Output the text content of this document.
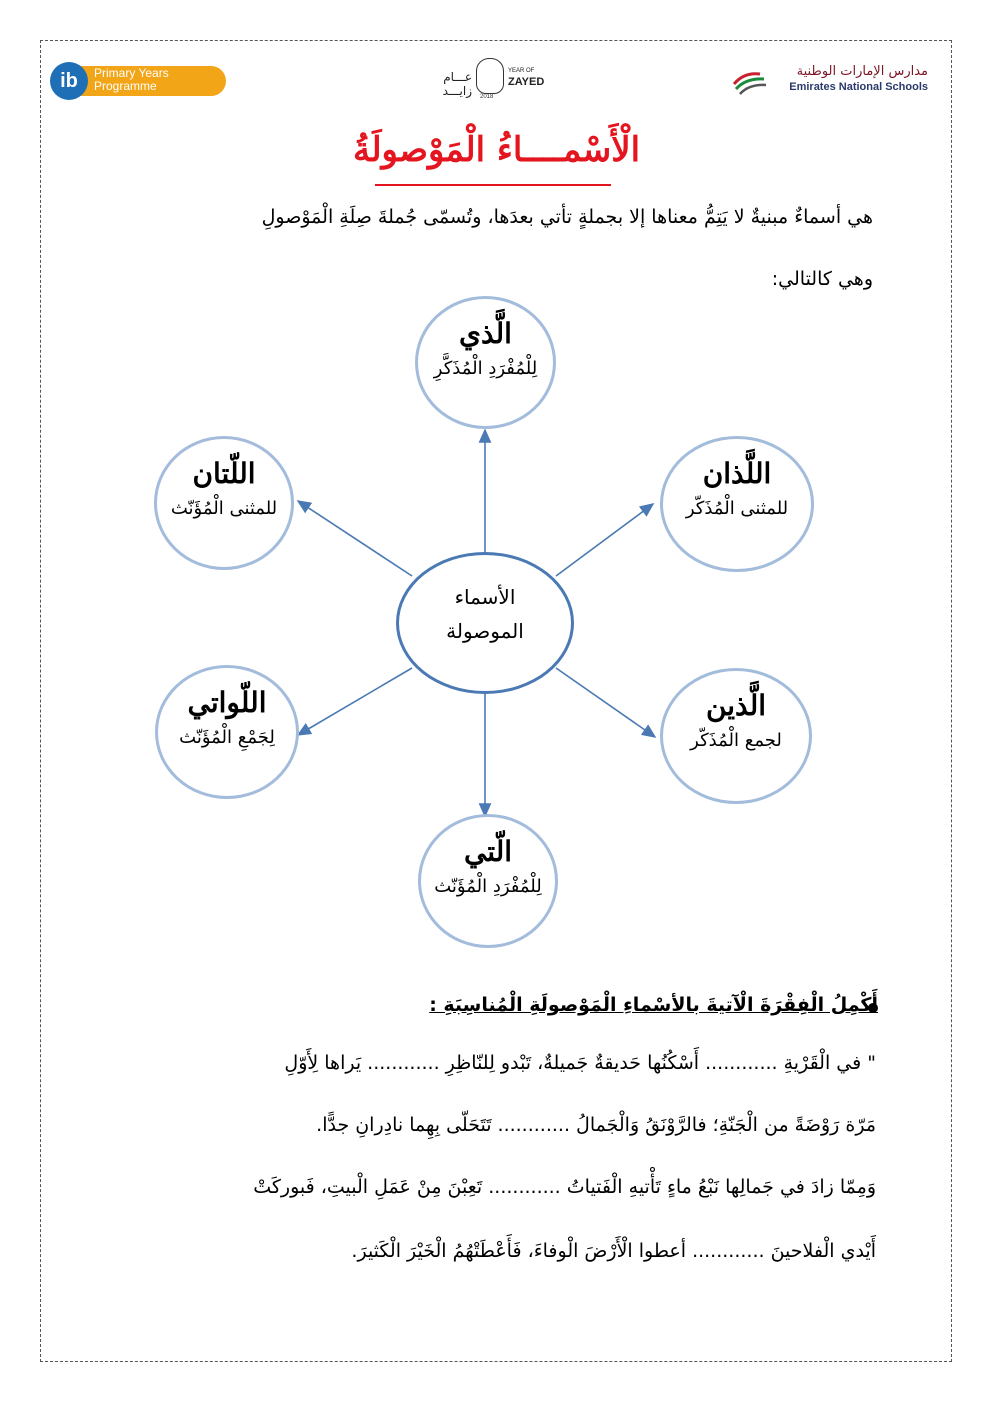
ib	Primary Years
Programme
عـــام زايـــد
YEAR OF
ZAYED
2018
مدارس الإمارات الوطنية
Emirates National Schools
الْأَسْمــــاءُ الْمَوْصولَةُ
هي أسماءٌ مبنيةٌ لا يَتِمُّ معناها إلا بجملةٍ تأتي بعدَها، وتُسمّى جُملةَ صِلَةِ الْمَوْصولِ
وهي كالتالي:
الَّذي
لِلْمُفْرَدِ الْمُذَكَّرِ
اللَّذان
للمثنى الْمُذَكّر
الَّذين
لجمع الْمُذَكّر
الّتي
لِلْمُفْرَدِ الْمُؤَنّث
اللّواتي
لِجَمْعِ الْمُؤَنّث
اللّتان
للمثنى الْمُؤَنّث
الأسماء
الموصولة
أَكْمِلُ الْفِقْرَةَ الْآتيةَ بالأسْماءِ الْمَوْصولَةِ الْمُناسِبَةِ :
" في الْقَرْيةِ ............ أَسْكُنُها حَديقةٌ جَميلةٌ، تَبْدو لِلنّاظِرِ ............ يَراها لِأَوّلِ
مَرّة رَوْضَةً من الْجَنّةِ؛ فالرَّوْنَقُ وَالْجَمالُ ............ تَتَحَلّى بِهِما نادِرانِ جدًّا.
وَمِمّا زادَ في جَمالِها نَبْعُ ماءٍ تَأْتيهِ الْفَتياتُ ............ تَعِبْنَ مِنْ عَمَلِ الْبيتِ، فَبوركَتْ
أَيْدي الْفلاحينَ ............ أعطوا الْأَرْضَ الْوفاءَ، فَأَعْطَتْهُمُ الْخَيْرَ الْكَثيرَ.
